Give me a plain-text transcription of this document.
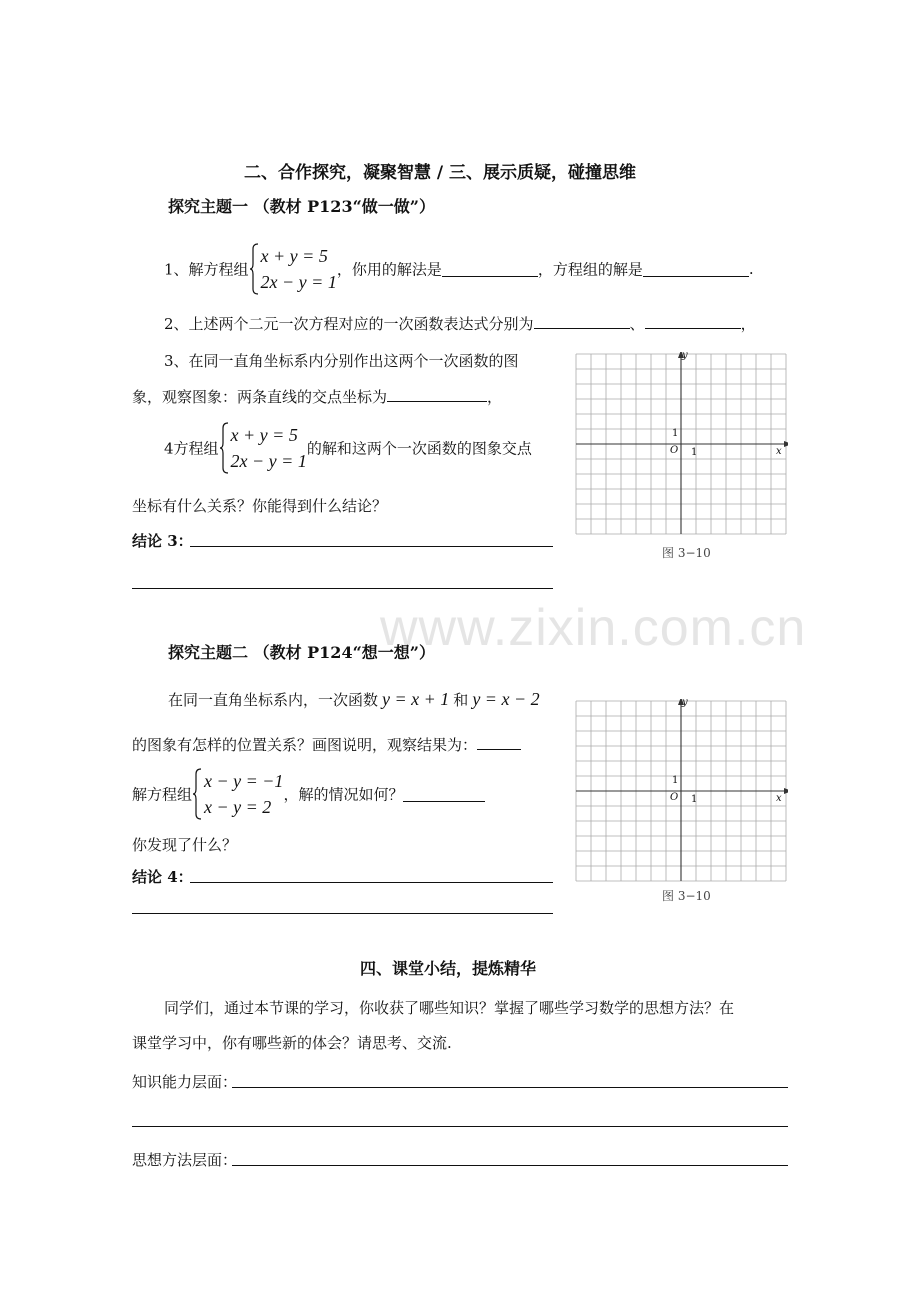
www.zixin.com.cn
二、合作探究，凝聚智慧 / 三、展示质疑，碰撞思维
探究主题一 （教材 P123“做一做”）
1、解方程组
x + y = 5
2x − y = 1
，你用的解法是	，方程组的解是	.
2、上述两个二元一次方程对应的一次函数表达式分别为	、	，
3、在同一直角坐标系内分别作出这两个一次函数的图
象，观察图象：两条直线的交点坐标为	，
4方程组
x + y = 5
2x − y = 1
的解和这两个一次函数的图象交点
坐标有什么关系？你能得到什么结论？
结论 3：
y
x
O
1
1
图 3−10
探究主题二 （教材 P124“想一想”）
在同一直角坐标系内，一次函数 y = x + 1 和 y = x − 2
的图象有怎样的位置关系？画图说明，观察结果为：
解方程组
x − y = −1
x − y = 2
，解的情况如何？
你发现了什么？
结论 4：
y
x
O
1
1
图 3−10
四、课堂小结，提炼精华
同学们，通过本节课的学习，你收获了哪些知识？掌握了哪些学习数学的思想方法？在
课堂学习中，你有哪些新的体会？请思考、交流.
知识能力层面：
思想方法层面：
